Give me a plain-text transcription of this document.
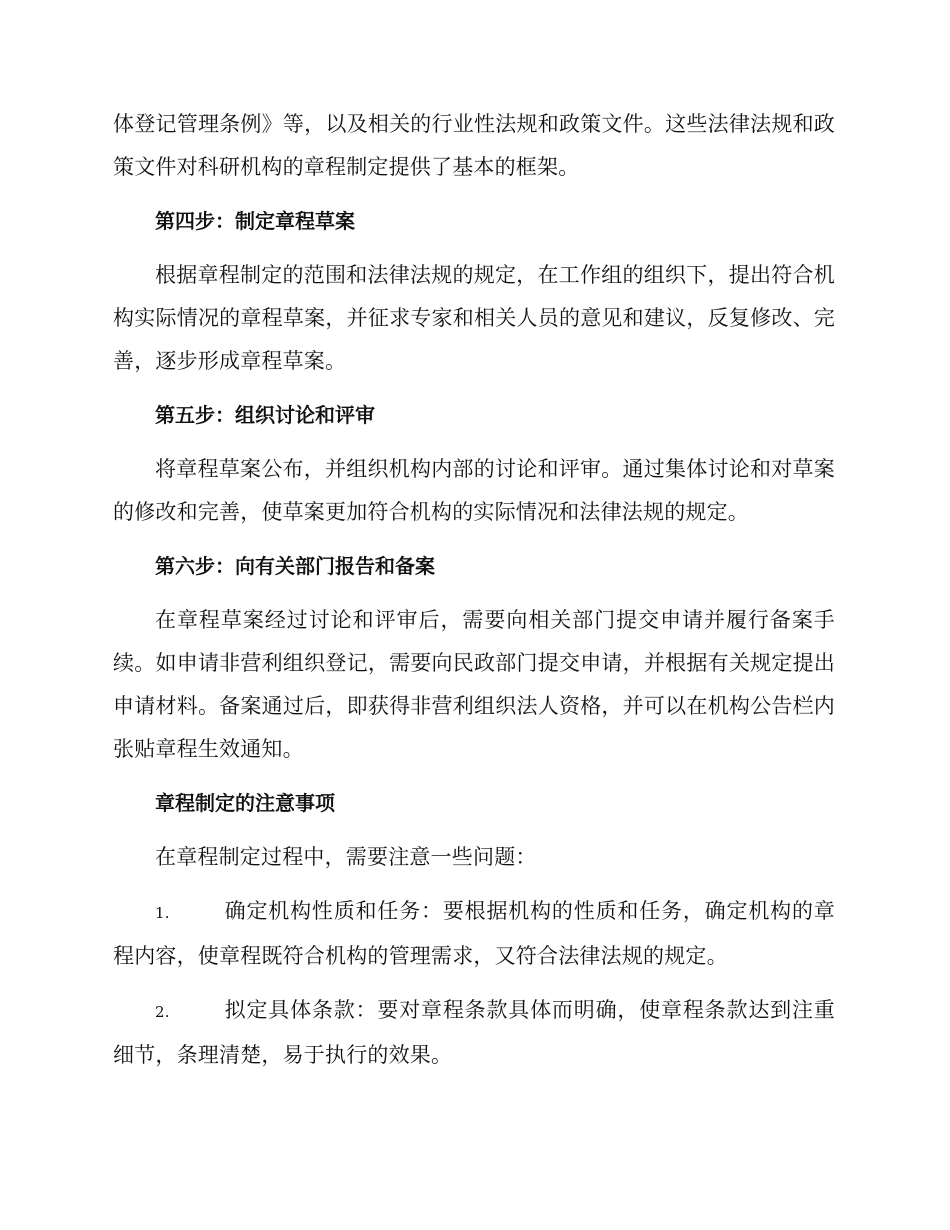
体登记管理条例》等，以及相关的行业性法规和政策文件。这些法律法规和政策文件对科研机构的章程制定提供了基本的框架。

第四步：制定章程草案

根据章程制定的范围和法律法规的规定，在工作组的组织下，提出符合机构实际情况的章程草案，并征求专家和相关人员的意见和建议，反复修改、完善，逐步形成章程草案。

第五步：组织讨论和评审

将章程草案公布，并组织机构内部的讨论和评审。通过集体讨论和对草案的修改和完善，使草案更加符合机构的实际情况和法律法规的规定。

第六步：向有关部门报告和备案

在章程草案经过讨论和评审后，需要向相关部门提交申请并履行备案手续。如申请非营利组织登记，需要向民政部门提交申请，并根据有关规定提出申请材料。备案通过后，即获得非营利组织法人资格，并可以在机构公告栏内张贴章程生效通知。

章程制定的注意事项

在章程制定过程中，需要注意一些问题：

1.	确定机构性质和任务：要根据机构的性质和任务，确定机构的章程内容，使章程既符合机构的管理需求，又符合法律法规的规定。

2.	拟定具体条款：要对章程条款具体而明确，使章程条款达到注重细节，条理清楚，易于执行的效果。
